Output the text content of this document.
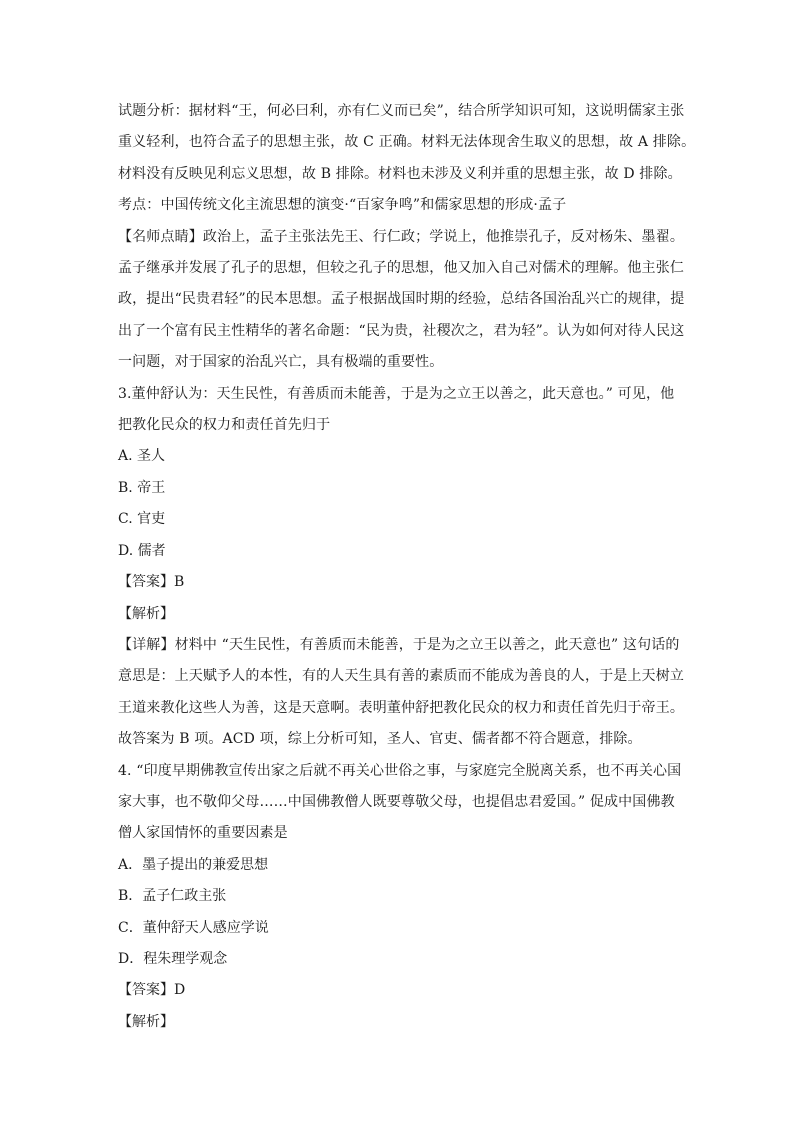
试题分析：据材料“王，何必曰利，亦有仁义而已矣”，结合所学知识可知，这说明儒家主张
重义轻利，也符合孟子的思想主张，故 C 正确。材料无法体现舍生取义的思想，故 A 排除。
材料没有反映见利忘义思想，故 B 排除。材料也未涉及义利并重的思想主张，故 D 排除。
考点：中国传统文化主流思想的演变·“百家争鸣”和儒家思想的形成·孟子
【名师点睛】政治上，孟子主张法先王、行仁政；学说上，他推崇孔子，反对杨朱、墨翟。
孟子继承并发展了孔子的思想，但较之孔子的思想，他又加入自己对儒术的理解。他主张仁
政，提出“民贵君轻”的民本思想。孟子根据战国时期的经验，总结各国治乱兴亡的规律，提
出了一个富有民主性精华的著名命题：“民为贵，社稷次之，君为轻”。认为如何对待人民这
一问题，对于国家的治乱兴亡，具有极端的重要性。
3.董仲舒认为：天生民性，有善质而未能善，于是为之立王以善之，此天意也。” 可见，他
把教化民众的权力和责任首先归于
A. 圣人
B. 帝王
C. 官吏
D. 儒者
【答案】B
【解析】
【详解】材料中 “天生民性，有善质而未能善，于是为之立王以善之，此天意也” 这句话的
意思是：上天赋予人的本性，有的人天生具有善的素质而不能成为善良的人，于是上天树立
王道来教化这些人为善，这是天意啊。表明董仲舒把教化民众的权力和责任首先归于帝王。
故答案为 B 项。ACD 项，综上分析可知，圣人、官吏、儒者都不符合题意，排除。
4. “印度早期佛教宣传出家之后就不再关心世俗之事，与家庭完全脱离关系，也不再关心国
家大事，也不敬仰父母……中国佛教僧人既要尊敬父母，也提倡忠君爱国。” 促成中国佛教
僧人家国情怀的重要因素是
A．墨子提出的兼爱思想
B．孟子仁政主张
C．董仲舒天人感应学说
D．程朱理学观念
【答案】D
【解析】
